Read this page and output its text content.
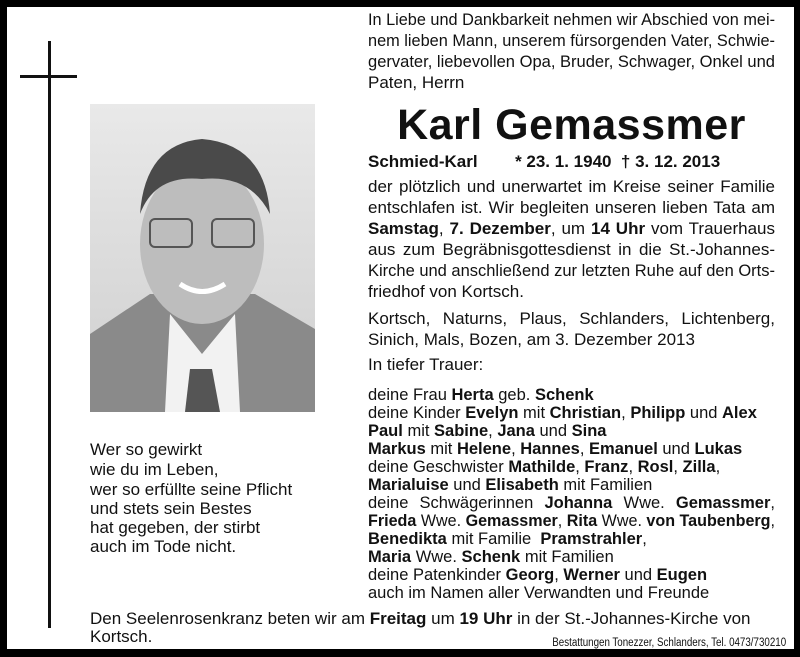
In Liebe und Dankbarkeit nehmen wir Abschied von mei-
nem lieben Mann, unserem fürsorgenden Vater, Schwie-
gervater, liebevollen Opa, Bruder, Schwager, Onkel und
Paten, Herrn
Karl Gemassmer
Schmied-Karl * 23. 1. 1940  † 3. 12. 2013
der plötzlich und unerwartet im Kreise seiner Familie
entschlafen ist. Wir begleiten unseren lieben Tata am
Samstag, 7. Dezember, um 14 Uhr vom Trauerhaus
aus zum Begräbnisgottesdienst in die St.-Johannes-
Kirche und anschließend zur letzten Ruhe auf den Orts-
friedhof von Kortsch.
Kortsch, Naturns, Plaus, Schlanders, Lichtenberg,
Sinich, Mals, Bozen, am 3. Dezember 2013
In tiefer Trauer:
deine Frau Herta geb. Schenk
deine Kinder Evelyn mit Christian, Philipp und Alex
Paul mit Sabine, Jana und Sina
Markus mit Helene, Hannes, Emanuel und Lukas
deine Geschwister Mathilde, Franz, Rosl, Zilla,
Marialuise und Elisabeth mit Familien
deine Schwägerinnen Johanna Wwe. Gemassmer,
Frieda Wwe. Gemassmer, Rita Wwe. von Taubenberg,
Benedikta mit Familie  Pramstrahler,
Maria Wwe. Schenk mit Familien
deine Patenkinder Georg, Werner und Eugen
auch im Namen aller Verwandten und Freunde
Wer so gewirkt
wie du im Leben,
wer so erfüllte seine Pflicht
und stets sein Bestes
hat gegeben, der stirbt
auch im Tode nicht.
Den Seelenrosenkranz beten wir am Freitag um 19 Uhr in der St.-Johannes-Kirche von
Kortsch.	Bestattungen Tonezzer, Schlanders, Tel. 0473/730210
